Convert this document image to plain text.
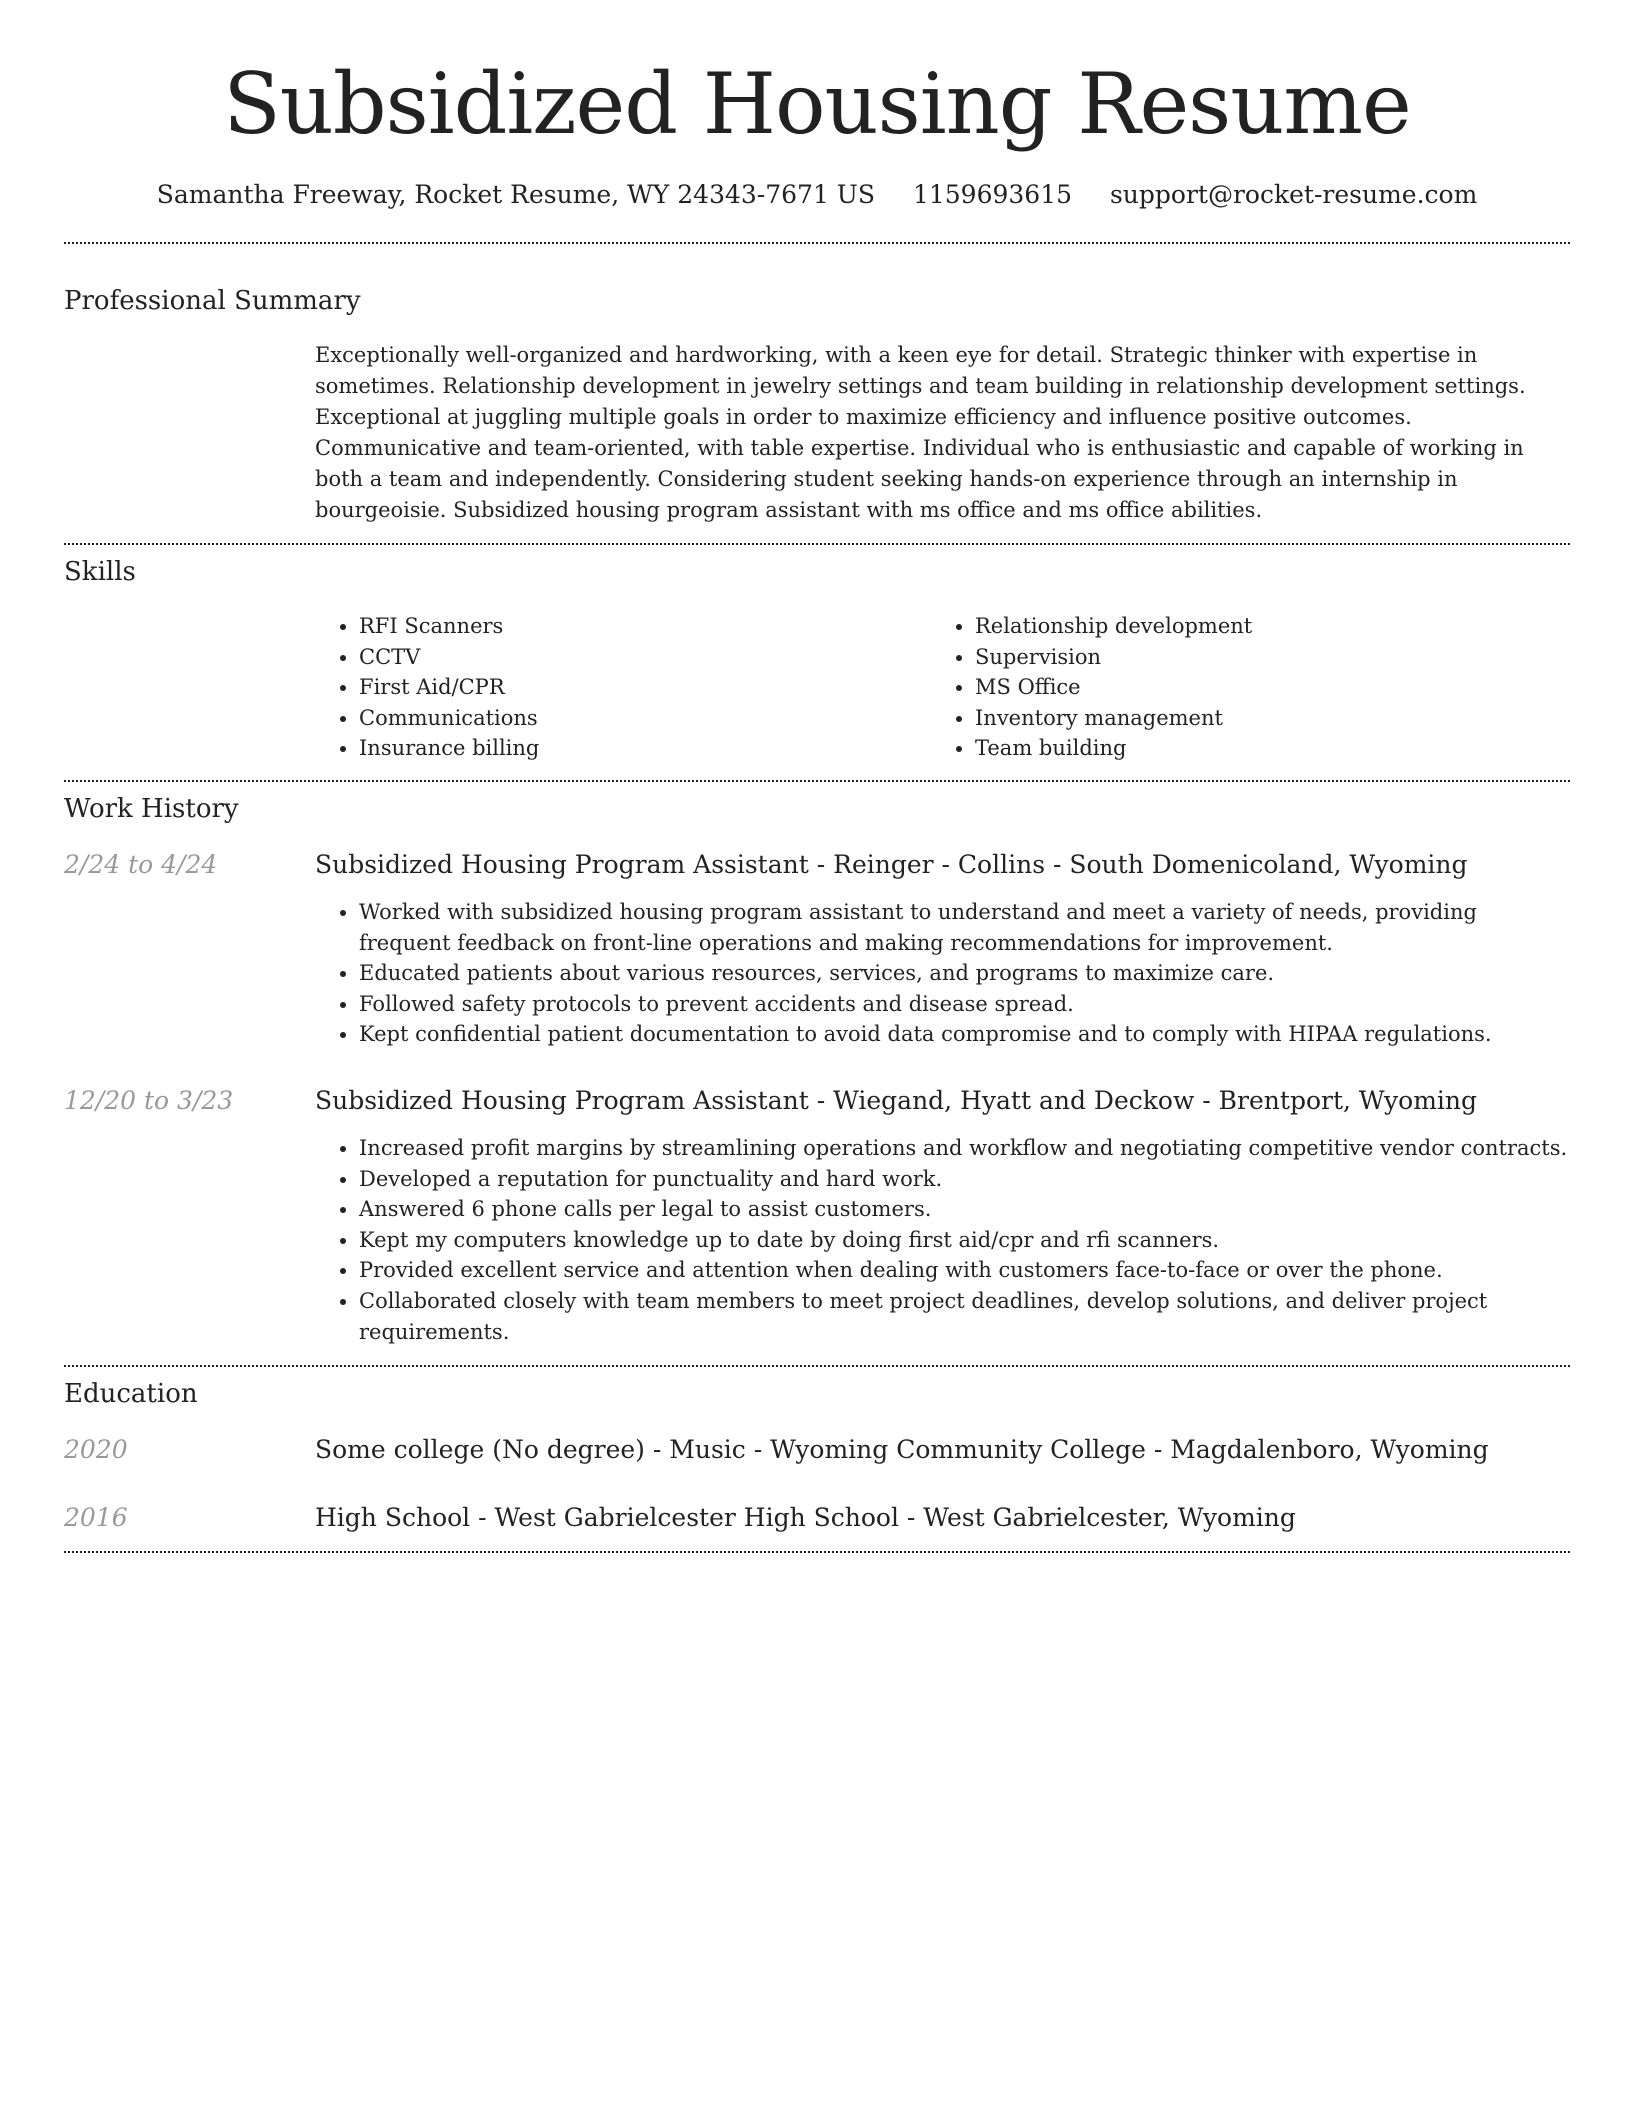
Subsidized Housing Resume
Samantha Freeway, Rocket Resume, WY 24343-7671 US 1159693615 support@rocket-resume.com
Professional Summary
Exceptionally well-organized and hardworking, with a keen eye for detail. Strategic thinker with expertise in sometimes. Relationship development in jewelry settings and team building in relationship development settings. Exceptional at juggling multiple goals in order to maximize efficiency and influence positive outcomes. Communicative and team-oriented, with table expertise. Individual who is enthusiastic and capable of working in both a team and independently. Considering student seeking hands-on experience through an internship in bourgeoisie. Subsidized housing program assistant with ms office and ms office abilities.
Skills
• RFI Scanners
• CCTV
• First Aid/CPR
• Communications
• Insurance billing
• Relationship development
• Supervision
• MS Office
• Inventory management
• Team building
Work History
2/24 to 4/24	Subsidized Housing Program Assistant - Reinger - Collins - South Domenicoland, Wyoming
• Worked with subsidized housing program assistant to understand and meet a variety of needs, providing frequent feedback on front-line operations and making recommendations for improvement.
• Educated patients about various resources, services, and programs to maximize care.
• Followed safety protocols to prevent accidents and disease spread.
• Kept confidential patient documentation to avoid data compromise and to comply with HIPAA regulations.
12/20 to 3/23	Subsidized Housing Program Assistant - Wiegand, Hyatt and Deckow - Brentport, Wyoming
• Increased profit margins by streamlining operations and workflow and negotiating competitive vendor contracts.
• Developed a reputation for punctuality and hard work.
• Answered 6 phone calls per legal to assist customers.
• Kept my computers knowledge up to date by doing first aid/cpr and rfi scanners.
• Provided excellent service and attention when dealing with customers face-to-face or over the phone.
• Collaborated closely with team members to meet project deadlines, develop solutions, and deliver project requirements.
Education
2020	Some college (No degree) - Music - Wyoming Community College - Magdalenboro, Wyoming
2016	High School - West Gabrielcester High School - West Gabrielcester, Wyoming
